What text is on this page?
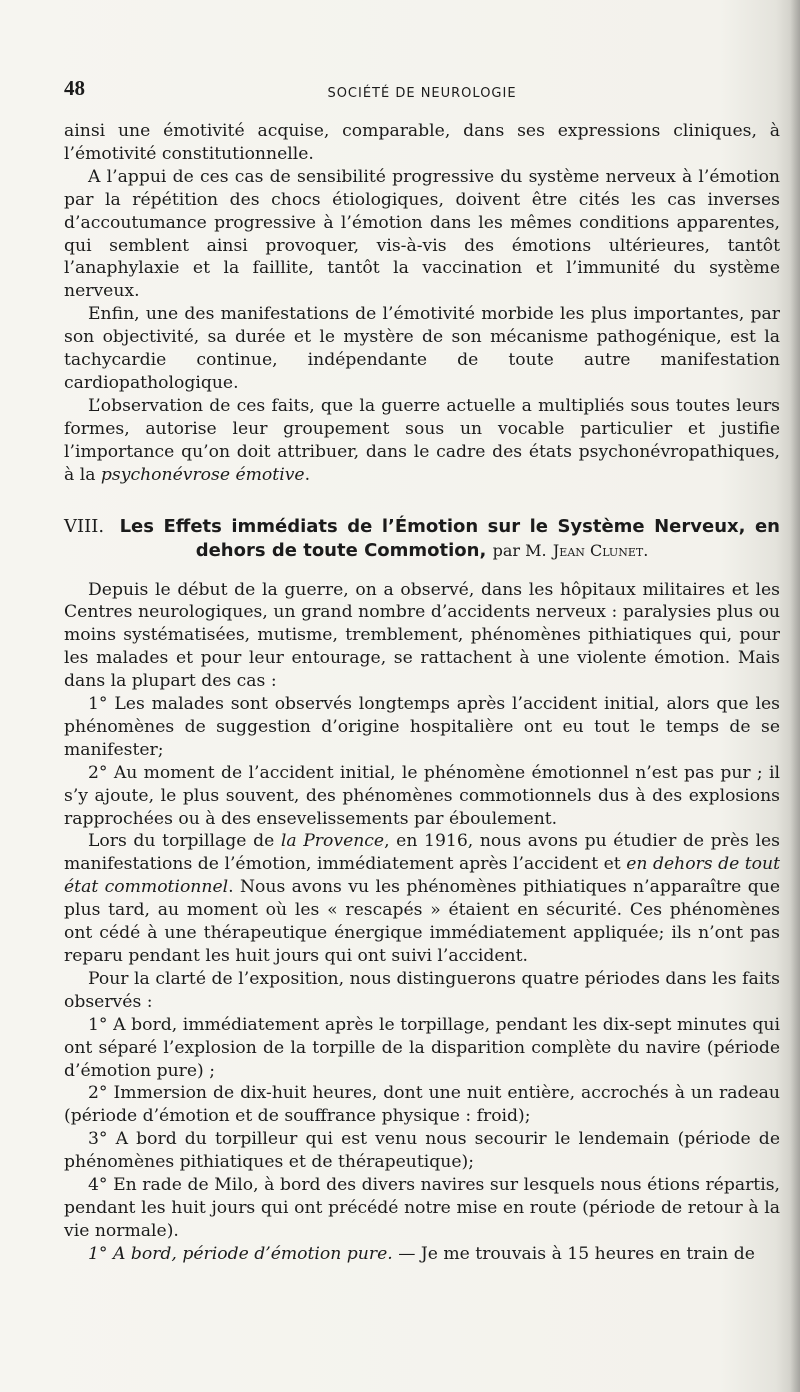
48	SOCIÉTÉ DE NEUROLOGIE

ainsi une émotivité acquise, comparable, dans ses expressions cliniques, à l’émotivité constitutionnelle.

A l’appui de ces cas de sensibilité progressive du système nerveux à l’émotion par la répétition des chocs étiologiques, doivent être cités les cas inverses d’accoutumance progressive à l’émotion dans les mêmes conditions apparentes, qui semblent ainsi provoquer, vis-à-vis des émotions ultérieures, tantôt l’anaphylaxie et la faillite, tantôt la vaccination et l’immunité du système nerveux.

Enfin, une des manifestations de l’émotivité morbide les plus importantes, par son objectivité, sa durée et le mystère de son mécanisme pathogénique, est la tachycardie continue, indépendante de toute autre manifestation cardiopathologique.

L’observation de ces faits, que la guerre actuelle a multipliés sous toutes leurs formes, autorise leur groupement sous un vocable particulier et justifie l’importance qu’on doit attribuer, dans le cadre des états psychonévropathiques, à la psychonévrose émotive.

VIII. Les Effets immédiats de l’Émotion sur le Système Nerveux, en dehors de toute Commotion, par M. Jean Clunet.

Depuis le début de la guerre, on a observé, dans les hôpitaux militaires et les Centres neurologiques, un grand nombre d’accidents nerveux : paralysies plus ou moins systématisées, mutisme, tremblement, phénomènes pithiatiques qui, pour les malades et pour leur entourage, se rattachent à une violente émotion. Mais dans la plupart des cas :

1° Les malades sont observés longtemps après l’accident initial, alors que les phénomènes de suggestion d’origine hospitalière ont eu tout le temps de se manifester;

2° Au moment de l’accident initial, le phénomène émotionnel n’est pas pur ; il s’y ajoute, le plus souvent, des phénomènes commotionnels dus à des explosions rapprochées ou à des ensevelissements par éboulement.

Lors du torpillage de la Provence, en 1916, nous avons pu étudier de près les manifestations de l’émotion, immédiatement après l’accident et en dehors de tout état commotionnel. Nous avons vu les phénomènes pithiatiques n’apparaître que plus tard, au moment où les « rescapés » étaient en sécurité. Ces phénomènes ont cédé à une thérapeutique énergique immédiatement appliquée; ils n’ont pas reparu pendant les huit jours qui ont suivi l’accident.

Pour la clarté de l’exposition, nous distinguerons quatre périodes dans les faits observés :

1° A bord, immédiatement après le torpillage, pendant les dix-sept minutes qui ont séparé l’explosion de la torpille de la disparition complète du navire (période d’émotion pure) ;

2° Immersion de dix-huit heures, dont une nuit entière, accrochés à un radeau (période d’émotion et de souffrance physique : froid);

3° A bord du torpilleur qui est venu nous secourir le lendemain (période de phénomènes pithiatiques et de thérapeutique);

4° En rade de Milo, à bord des divers navires sur lesquels nous étions répartis, pendant les huit jours qui ont précédé notre mise en route (période de retour à la vie normale).

1° A bord, période d’émotion pure. — Je me trouvais à 15 heures en train de
